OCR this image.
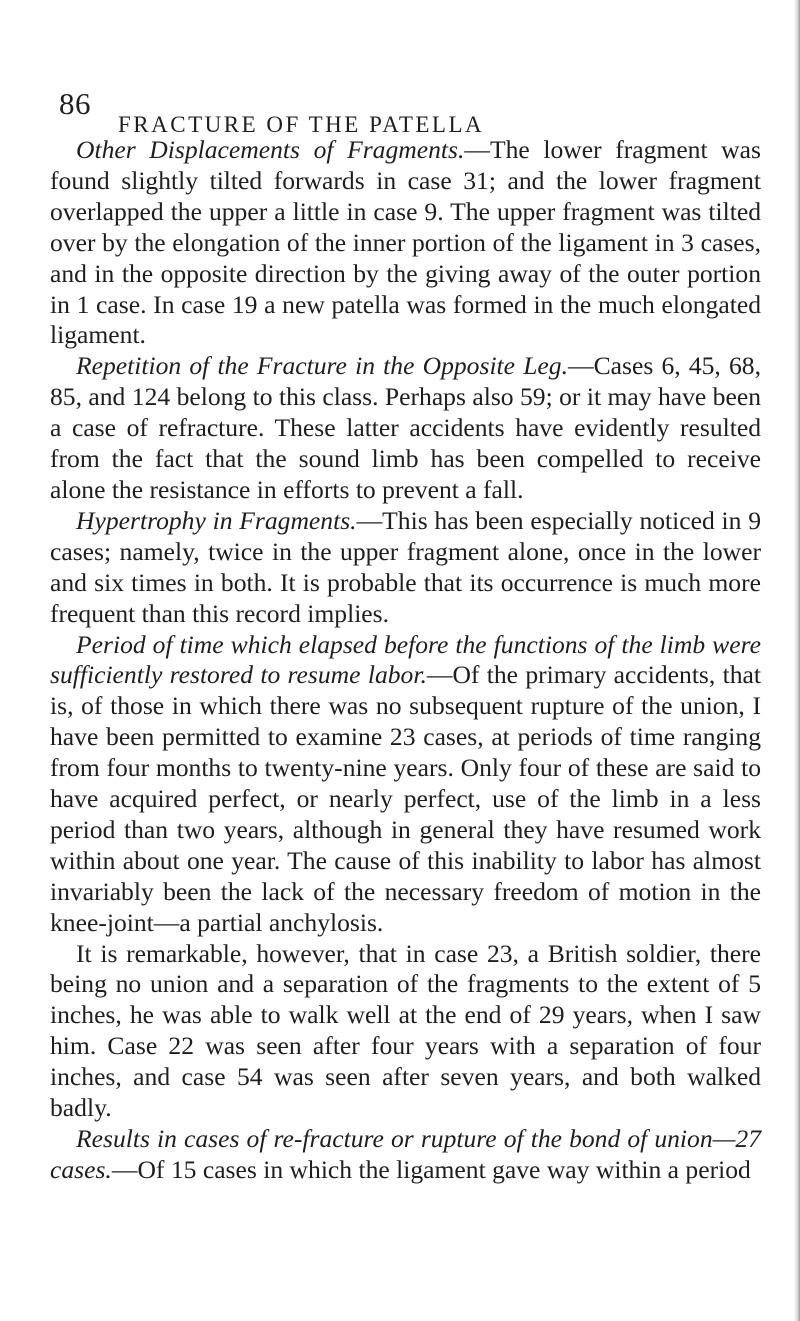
86
FRACTURE OF THE PATELLA

Other Displacements of Fragments.—The lower fragment was found slightly tilted forwards in case 31; and the lower fragment overlapped the upper a little in case 9. The upper fragment was tilted over by the elongation of the inner portion of the ligament in 3 cases, and in the opposite direction by the giving away of the outer portion in 1 case. In case 19 a new patella was formed in the much elongated ligament.

Repetition of the Fracture in the Opposite Leg.—Cases 6, 45, 68, 85, and 124 belong to this class. Perhaps also 59; or it may have been a case of refracture. These latter accidents have evidently resulted from the fact that the sound limb has been compelled to receive alone the resistance in efforts to prevent a fall.

Hypertrophy in Fragments.—This has been especially noticed in 9 cases; namely, twice in the upper fragment alone, once in the lower and six times in both. It is probable that its occurrence is much more frequent than this record implies.

Period of time which elapsed before the functions of the limb were sufficiently restored to resume labor.—Of the primary accidents, that is, of those in which there was no subsequent rupture of the union, I have been permitted to examine 23 cases, at periods of time ranging from four months to twenty-nine years. Only four of these are said to have acquired perfect, or nearly perfect, use of the limb in a less period than two years, although in general they have resumed work within about one year. The cause of this inability to labor has almost invariably been the lack of the necessary freedom of motion in the knee-joint—a partial anchylosis.

It is remarkable, however, that in case 23, a British soldier, there being no union and a separation of the fragments to the extent of 5 inches, he was able to walk well at the end of 29 years, when I saw him. Case 22 was seen after four years with a separation of four inches, and case 54 was seen after seven years, and both walked badly.

Results in cases of re-fracture or rupture of the bond of union—27 cases.—Of 15 cases in which the ligament gave way within a period
